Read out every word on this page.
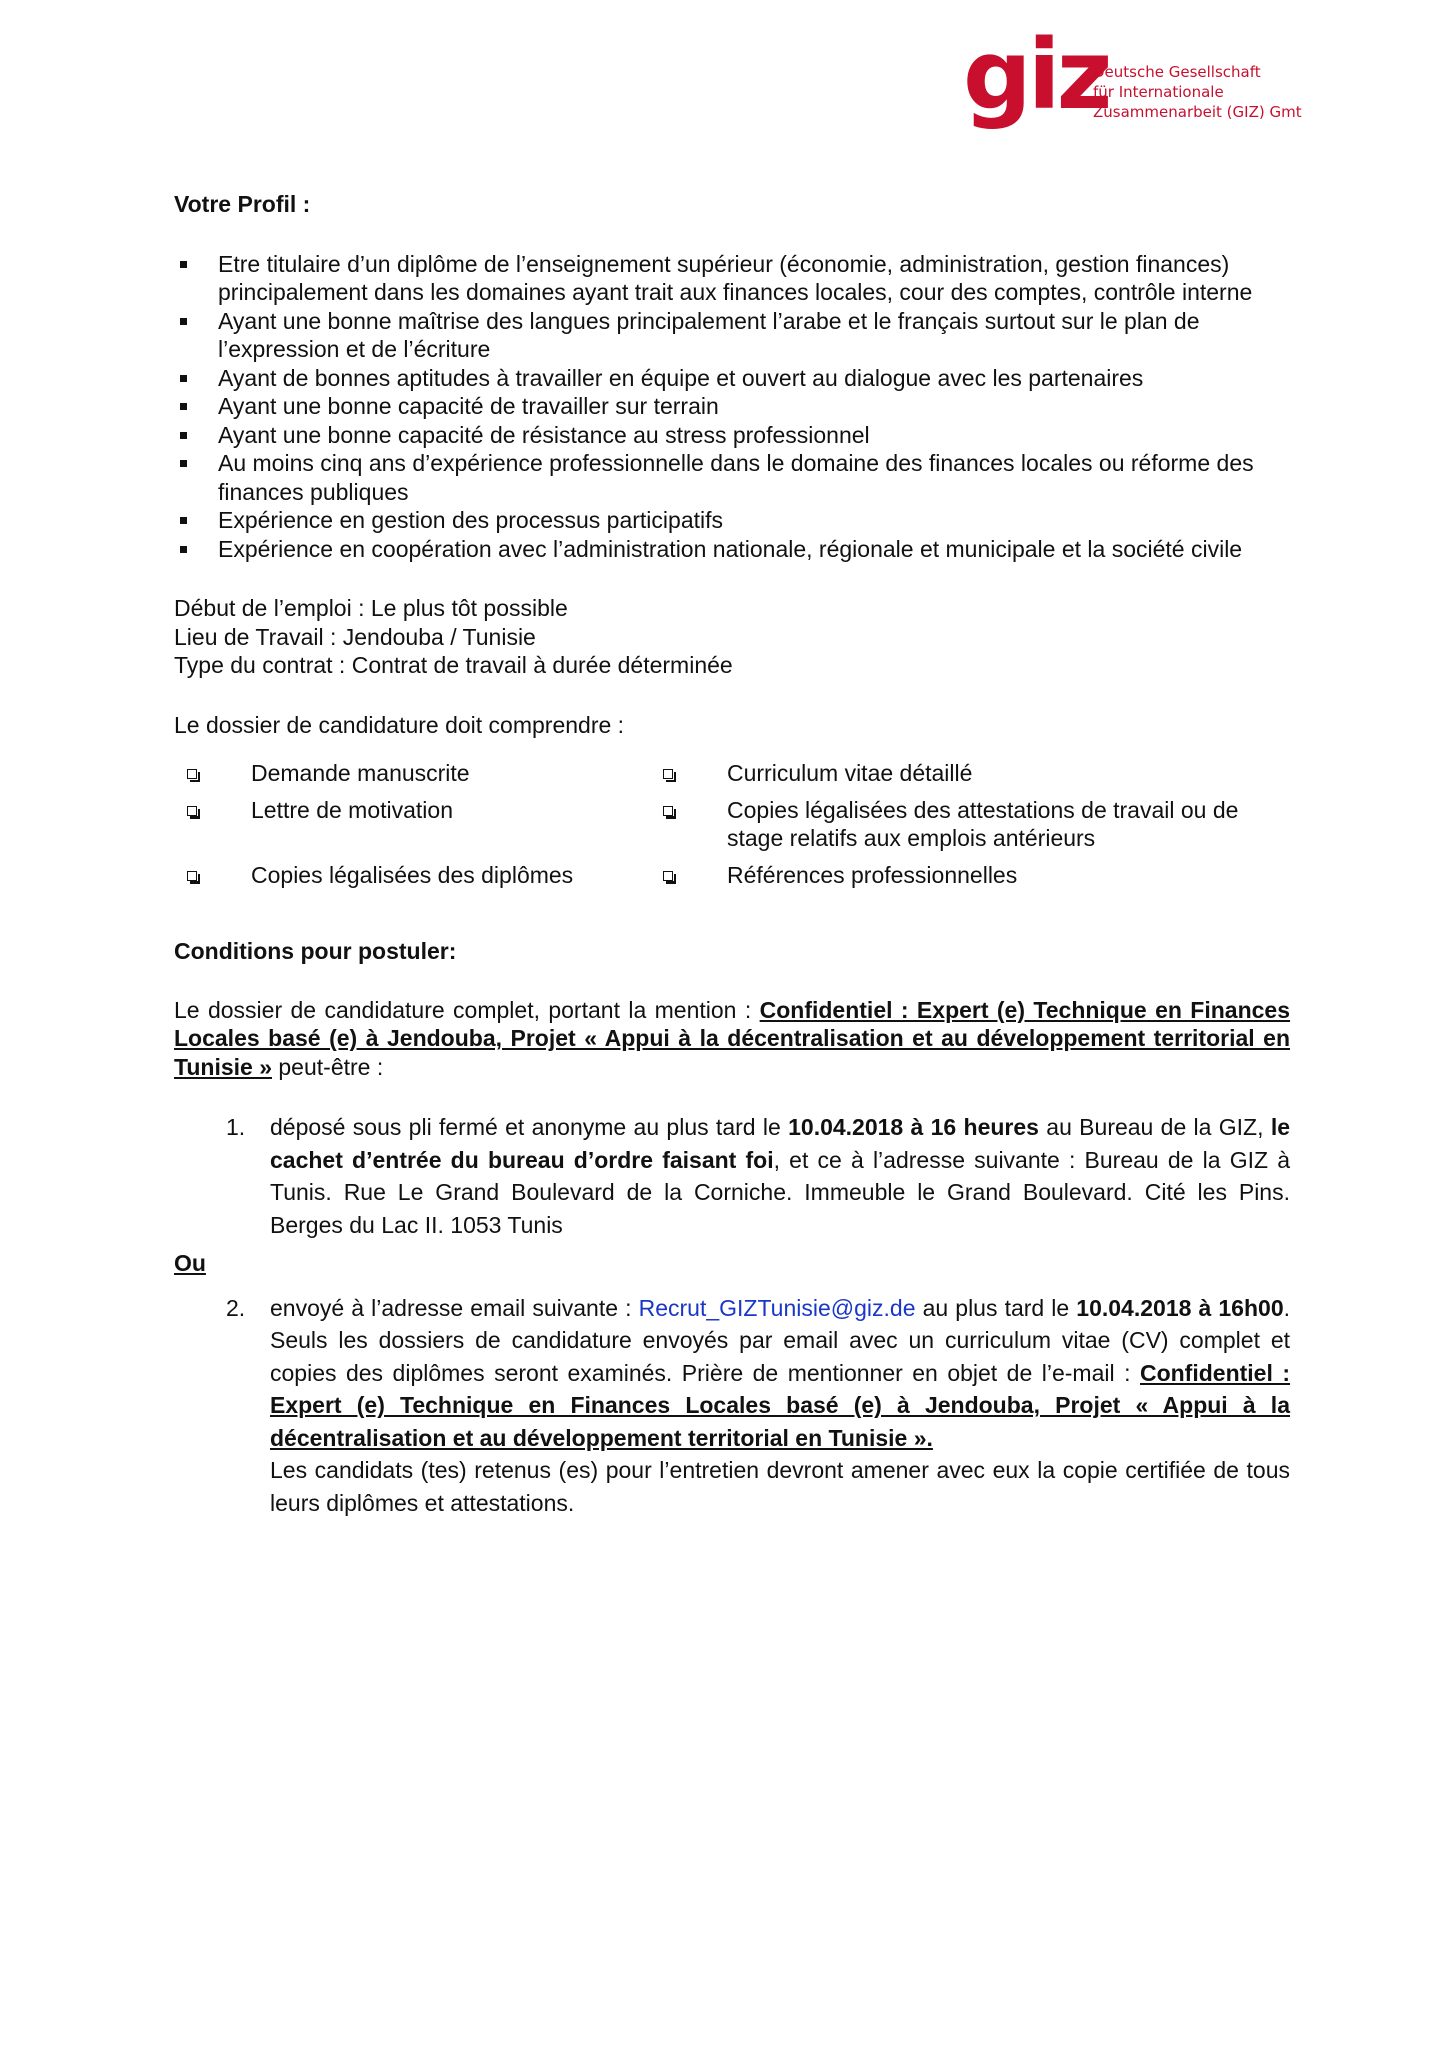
giz
Deutsche Gesellschaft
für Internationale
Zusammenarbeit (GIZ) Gmt

Votre Profil :

Etre titulaire d’un diplôme de l’enseignement supérieur (économie, administration, gestion finances) principalement dans les domaines ayant trait aux finances locales, cour des comptes, contrôle interne
Ayant une bonne maîtrise des langues principalement l’arabe et le français surtout sur le plan de l’expression et de l’écriture
Ayant de bonnes aptitudes à travailler en équipe et ouvert au dialogue avec les partenaires
Ayant une bonne capacité de travailler sur terrain
Ayant une bonne capacité de résistance au stress professionnel
Au moins cinq ans d’expérience professionnelle dans le domaine des finances locales ou réforme des finances publiques
Expérience en gestion des processus participatifs
Expérience en coopération avec l’administration nationale, régionale et municipale et la société civile
Début de l’emploi : Le plus tôt possible
Lieu de Travail : Jendouba / Tunisie
Type du contrat : Contrat de travail à durée déterminée
Le dossier de candidature doit comprendre :
Demande manuscrite	Curriculum vitae détaillé
Lettre de motivation	Copies légalisées des attestations de travail ou de stage relatifs aux emplois antérieurs
Copies légalisées des diplômes	Références professionnelles
Conditions pour postuler:

Le dossier de candidature complet, portant la mention : Confidentiel : Expert (e) Technique en Finances Locales basé (e) à Jendouba, Projet « Appui à la décentralisation et au développement territorial en Tunisie » peut-être :

1. déposé sous pli fermé et anonyme au plus tard le 10.04.2018 à 16 heures au Bureau de la GIZ, le cachet d’entrée du bureau d’ordre faisant foi, et ce à l’adresse suivante : Bureau de la GIZ à Tunis. Rue Le Grand Boulevard de la Corniche. Immeuble le Grand Boulevard. Cité les Pins. Berges du Lac II. 1053 Tunis
Ou
2. envoyé à l’adresse email suivante : Recrut_GIZTunisie@giz.de au plus tard le 10.04.2018 à 16h00. Seuls les dossiers de candidature envoyés par email avec un curriculum vitae (CV) complet et copies des diplômes seront examinés. Prière de mentionner en objet de l’e-mail : Confidentiel : Expert (e) Technique en Finances Locales basé (e) à Jendouba, Projet « Appui à la décentralisation et au développement territorial en Tunisie ».
Les candidats (tes) retenus (es) pour l’entretien devront amener avec eux la copie certifiée de tous leurs diplômes et attestations.
